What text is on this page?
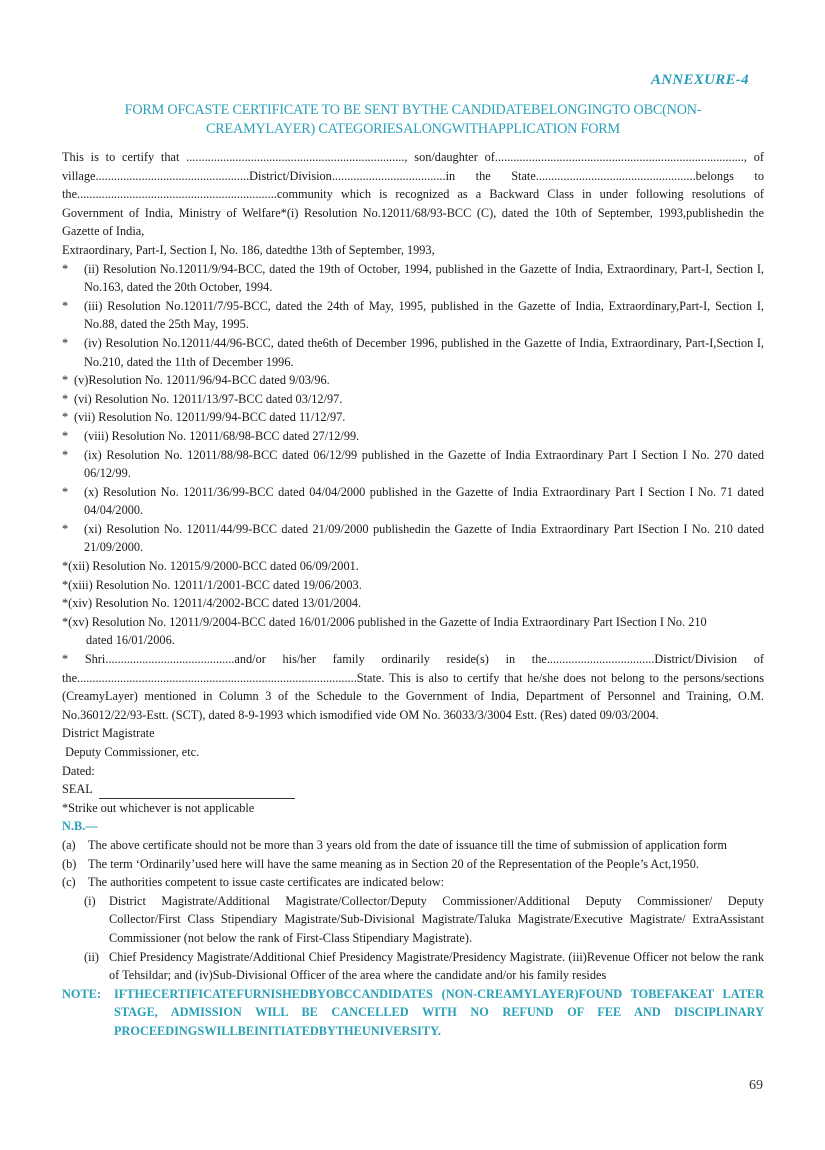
ANNEXURE-4
FORM OFCASTE CERTIFICATE TO BE SENT BYTHE CANDIDATEBELONGINGTO OBC(NON-
CREAMYLAYER) CATEGORIESALONGWITHAPPLICATION FORM

This is to certify that ......................................................................., son/daughter of................................................................................., of village..................................................District/Division.....................................in the State....................................................belongs to the.................................................................community which is recognized as a Backward Class in under following resolutions of Government of India, Ministry of Welfare*(i) Resolution No.12011/68/93-BCC (C), dated the 10th of September, 1993,publishedin the Gazette of India,

Extraordinary, Part-I, Section I, No. 186, datedthe 13th of September, 1993,

*	(ii) Resolution No.12011/9/94-BCC, dated the 19th of October, 1994, published in the Gazette of India, Extraordinary, Part-I, Section I, No.163, dated the 20th October, 1994.
*	(iii) Resolution No.12011/7/95-BCC, dated the 24th of May, 1995, published in the Gazette of India, Extraordinary,Part-I, Section I, No.88, dated the 25th May, 1995.
*	(iv) Resolution No.12011/44/96-BCC, dated the6th of December 1996, published in the Gazette of India, Extraordinary, Part-I,Section I, No.210, dated the 11th of December 1996.
* (v)Resolution No. 12011/96/94-BCC dated 9/03/96.
* (vi) Resolution No. 12011/13/97-BCC dated 03/12/97.
* (vii) Resolution No. 12011/99/94-BCC dated 11/12/97.
*	(viii) Resolution No. 12011/68/98-BCC dated 27/12/99.
*	(ix) Resolution No. 12011/88/98-BCC dated 06/12/99 published in the Gazette of India Extraordinary Part I Section I No. 270 dated 06/12/99.
*	(x) Resolution No. 12011/36/99-BCC dated 04/04/2000 published in the Gazette of India Extraordinary Part I Section I No. 71 dated 04/04/2000.
*	(xi) Resolution No. 12011/44/99-BCC dated 21/09/2000 publishedin the Gazette of India Extraordinary Part ISection I No. 210 dated 21/09/2000.

*(xii) Resolution No. 12015/9/2000-BCC dated 06/09/2001.

*(xiii) Resolution No. 12011/1/2001-BCC dated 19/06/2003.

*(xiv) Resolution No. 12011/4/2002-BCC dated 13/01/2004.

*(xv) Resolution No. 12011/9/2004-BCC dated 16/01/2006 published in the Gazette of India Extraordinary Part ISection I No. 210

dated 16/01/2006.

* Shri..........................................and/or his/her family ordinarily reside(s) in the...................................District/Division of the...........................................................................................State. This is also to certify that he/she does not belong to the persons/sections (CreamyLayer) mentioned in Column 3 of the Schedule to the Government of India, Department of Personnel and Training, O.M. No.36012/22/93-Estt. (SCT), dated 8-9-1993 which ismodified vide OM No. 36033/3/3004 Estt. (Res) dated 09/03/2004.

District Magistrate

Deputy Commissioner, etc.

Dated:

SEAL

*Strike out whichever is not applicable

N.B.—

(a)	The above certificate should not be more than 3 years old from the date of issuance till the time of submission of application form
(b) The term ‘Ordinarily’used here will have the same meaning as in Section 20 of the Representation of the People’s Act,1950.
(c)	The authorities competent to issue caste certificates are indicated below:
(i)	District Magistrate/Additional Magistrate/Collector/Deputy Commissioner/Additional Deputy Commissioner/ Deputy Collector/First Class Stipendiary Magistrate/Sub-Divisional Magistrate/Taluka Magistrate/Executive Magistrate/ ExtraAssistant Commissioner (not below the rank of First-Class Stipendiary Magistrate).
(ii) Chief Presidency Magistrate/Additional Chief Presidency Magistrate/Presidency Magistrate. (iii)Revenue Officer not below the rank of Tehsildar; and (iv)Sub-Divisional Officer of the area where the candidate and/or his family resides
NOTE:	IFTHECERTIFICATEFURNISHEDBYOBCCANDIDATES (NON-CREAMYLAYER)FOUND TOBEFAKEAT LATER STAGE, ADMISSION WILL BE CANCELLED WITH NO REFUND OF FEE AND DISCIPLINARY PROCEEDINGSWILLBEINITIATEDBYTHEUNIVERSITY.
69
